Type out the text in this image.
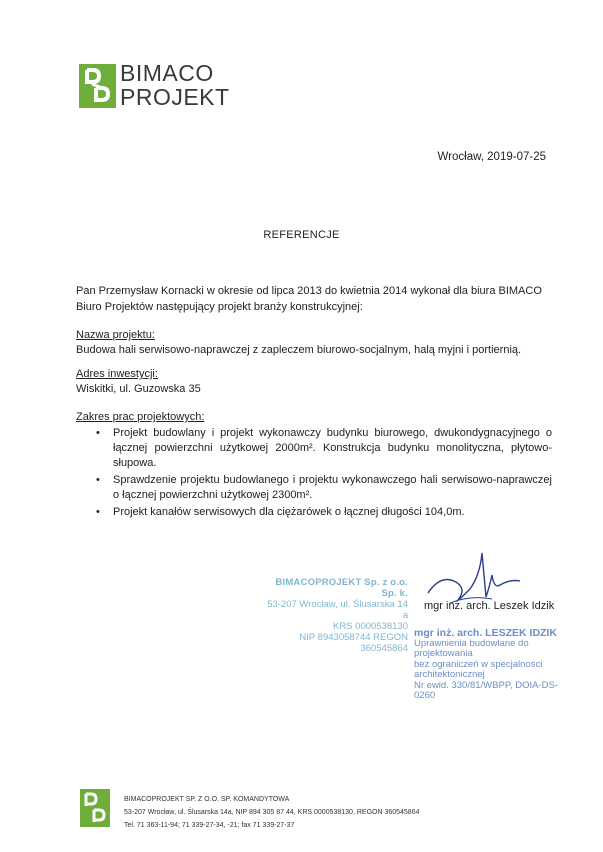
BIMACO
PROJEKT
Wrocław, 2019-07-25
REFERENCJE
Pan Przemysław Kornacki w okresie od lipca 2013 do kwietnia 2014 wykonał dla biura BIMACO Biuro Projektów następujący projekt branży konstrukcyjnej:
Nazwa projektu:
Budowa hali serwisowo-naprawczej z zapleczem biurowo-socjalnym, halą myjni i portiernią.
Adres inwestycji:
Wiskitki, ul. Guzowska 35
Zakres prac projektowych:
• Projekt budowlany i projekt wykonawczy budynku biurowego, dwukondygnacyjnego o łącznej powierzchni użytkowej 2000m². Konstrukcja budynku monolityczna, płytowo-słupowa.
• Sprawdzenie projektu budowlanego i projektu wykonawczego hali serwisowo-naprawczej o łącznej powierzchni użytkowej 2300m².
• Projekt kanałów serwisowych dla ciężarówek o łącznej długości 104,0m.
BIMACOPROJEKT Sp. z o.o. Sp. k.
53-207 Wrocław, ul. Ślusarska 14 a
KRS 0000538130
NIP 8943058744 REGON 360545864
mgr inż. arch. Leszek Idzik
mgr inż. arch. LESZEK IDZIK
Uprawnienia budowlane do projektowania
bez ograniczeń w specjalności architektonicznej
Nr ewid. 330/81/WBPP, DOIA-DS-0260
BIMACOPROJEKT SP. Z O.O. SP. KOMANDYTOWA
53-207 Wrocław, ul. Ślusarska 14a, NIP 894 305 87 44, KRS 0000538130, REGON 360545864
Tel. 71 363-11-94; 71 339-27-34, -21; fax 71 339-27-37
